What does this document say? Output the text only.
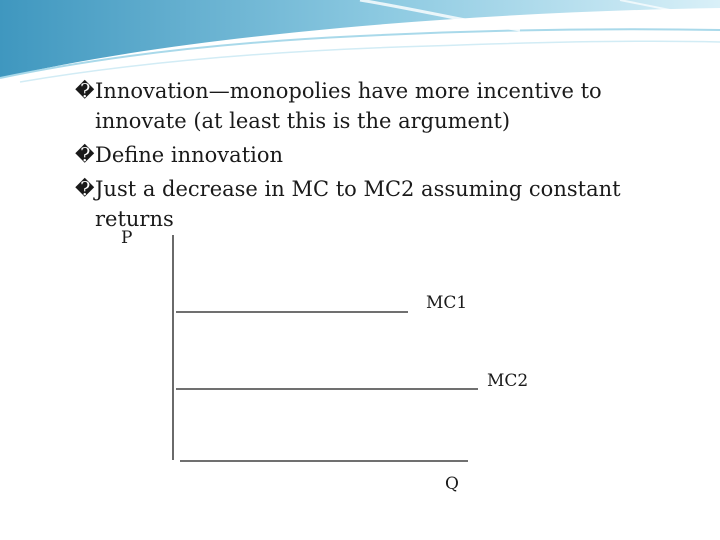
� Innovation—monopolies have more incentive to innovate (at least this is the argument)
� Define innovation
� Just a decrease in MC to MC2 assuming constant returns
P
Q
MC1
MC2
